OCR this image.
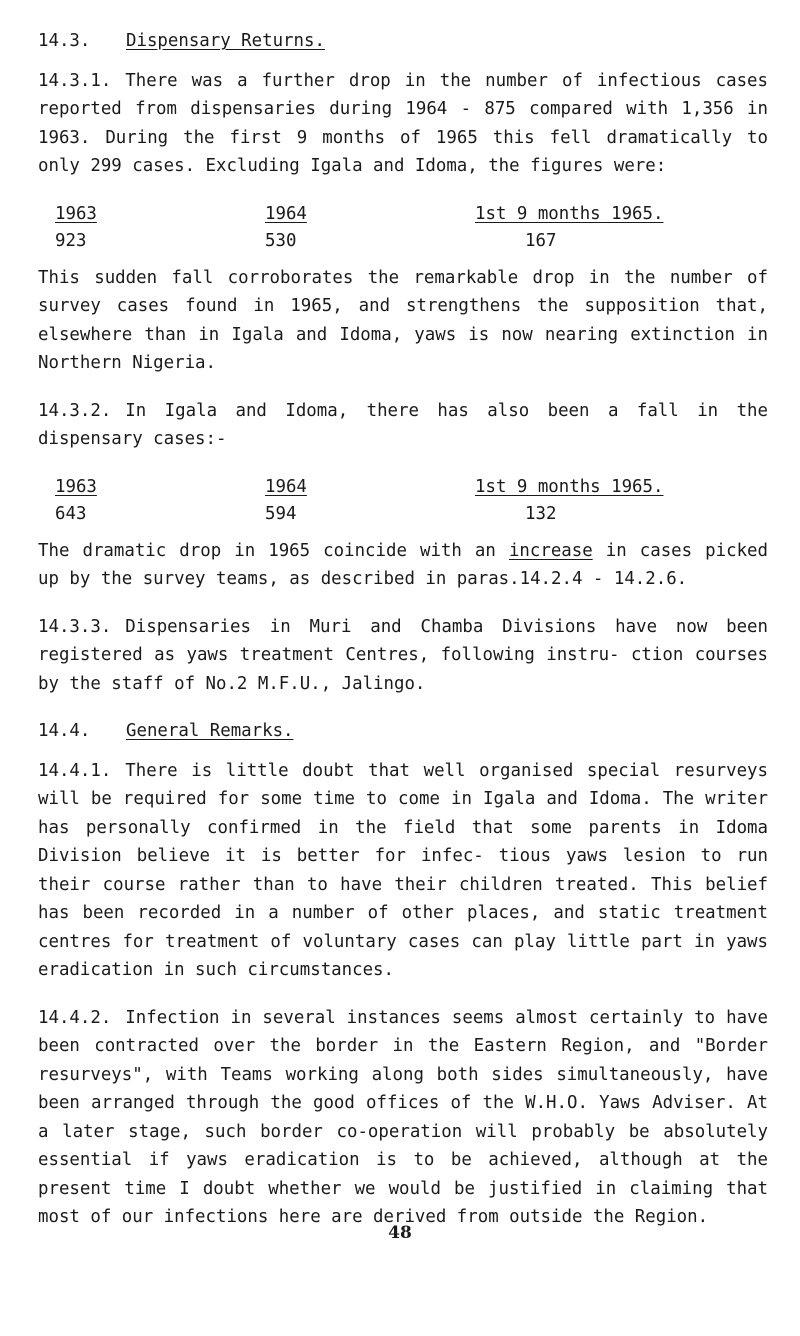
14.3. Dispensary Returns.

14.3.1. There was a further drop in the number of infectious cases reported from dispensaries during 1964 - 875 compared with 1,356 in 1963. During the first 9 months of 1965 this fell dramatically to only 299 cases. Excluding Igala and Idoma, the figures were:

1963	1964	1st 9 months 1965.
923	530	167

This sudden fall corroborates the remarkable drop in the number of survey cases found in 1965, and strengthens the supposition that, elsewhere than in Igala and Idoma, yaws is now nearing extinction in Northern Nigeria.

14.3.2. In Igala and Idoma, there has also been a fall in the dispensary cases:-

1963	1964	1st 9 months 1965.
643	594	132

The dramatic drop in 1965 coincide with an increase in cases picked up by the survey teams, as described in paras.14.2.4 - 14.2.6.

14.3.3. Dispensaries in Muri and Chamba Divisions have now been registered as yaws treatment Centres, following instru- ction courses by the staff of No.2 M.F.U., Jalingo.

14.4. General Remarks.

14.4.1. There is little doubt that well organised special resurveys will be required for some time to come in Igala and Idoma. The writer has personally confirmed in the field that some parents in Idoma Division believe it is better for infec- tious yaws lesion to run their course rather than to have their children treated. This belief has been recorded in a number of other places, and static treatment centres for treatment of voluntary cases can play little part in yaws eradication in such circumstances.

14.4.2. Infection in several instances seems almost certainly to have been contracted over the border in the Eastern Region, and "Border resurveys", with Teams working along both sides simultaneously, have been arranged through the good offices of the W.H.O. Yaws Adviser. At a later stage, such border co-operation will probably be absolutely essential if yaws eradication is to be achieved, although at the present time I doubt whether we would be justified in claiming that most of our infections here are derived from outside the Region.

48
